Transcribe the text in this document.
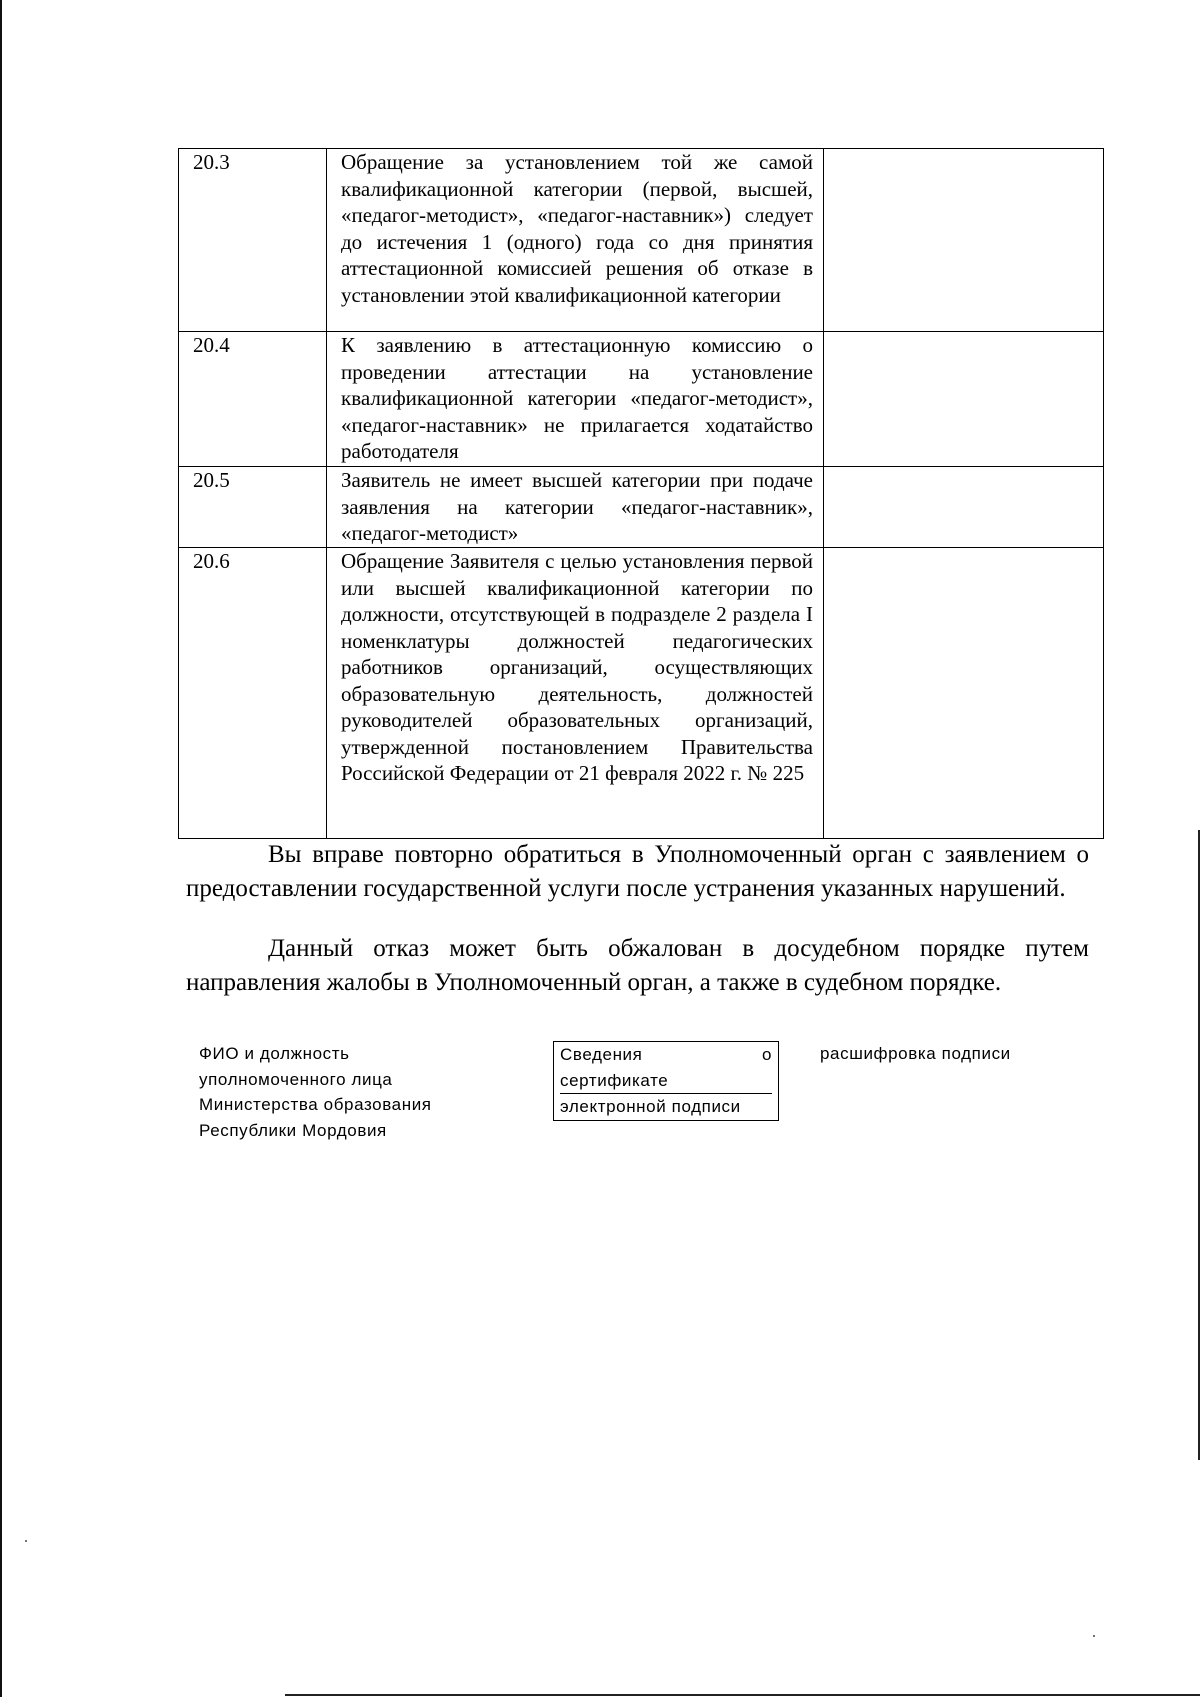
20.3	Обращение за установлением той же самой квалификационной категории (первой, высшей, «педагог-методист», «педагог-наставник») следует до истечения 1 (одного) года со дня принятия аттестационной комиссией решения об отказе в установлении этой квалификационной категории	
20.4	К заявлению в аттестационную комиссию о проведении аттестации на установление квалификационной категории «педагог-методист», «педагог-наставник» не прилагается ходатайство работодателя	
20.5	Заявитель не имеет высшей категории при подаче заявления на категории «педагог-наставник», «педагог-методист»	
20.6	Обращение Заявителя с целью установления первой или высшей квалификационной категории по должности, отсутствующей в подразделе 2 раздела I номенклатуры должностей педагогических работников организаций, осуществляющих образовательную деятельность, должностей руководителей образовательных организаций, утвержденной постановлением Правительства Российской Федерации от 21 февраля 2022 г. № 225	

Вы вправе повторно обратиться в Уполномоченный орган с заявлением о предоставлении государственной услуги после устранения указанных нарушений.

Данный отказ может быть обжалован в досудебном порядке путем направления жалобы в Уполномоченный орган, а также в судебном порядке.

ФИО и должность
уполномоченного лица
Министерства образования
Республики Мордовия
Сведения	о
сертификате
электронной подписи
расшифровка подписи
